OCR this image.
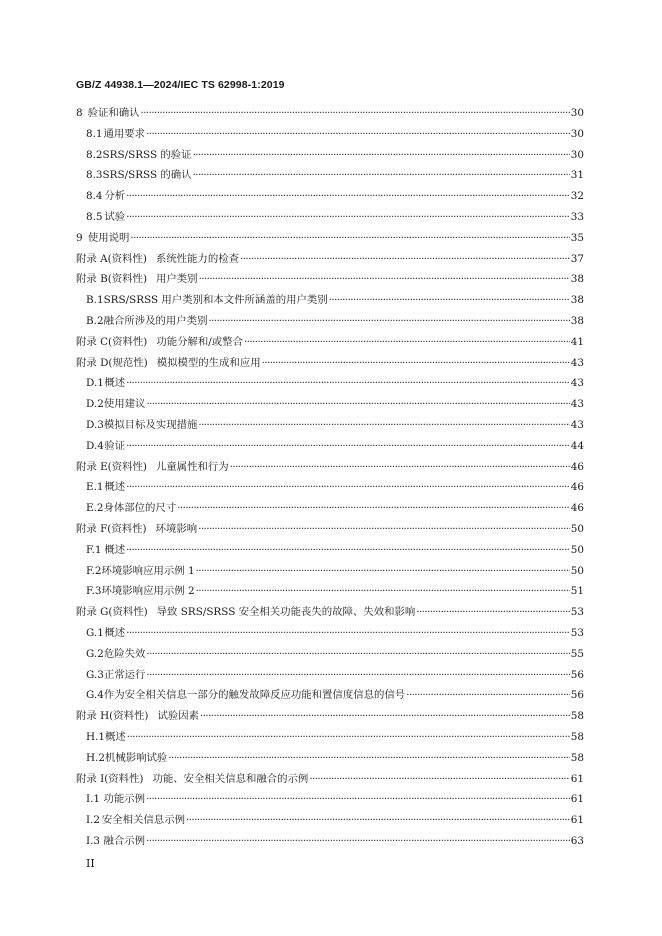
GB/Z 44938.1—2024/IEC TS 62998-1:2019
8 验证和确认 ·····	30
8.1 通用要求 ·····	30
8.2 SRS/SRSS 的验证 ·····	30
8.3 SRS/SRSS 的确认 ·····	31
8.4 分析 ·····	32
8.5 试验 ·····	33
9 使用说明 ·····	35
附录 A(资料性) 系统性能力的检查 ·····	37
附录 B(资料性) 用户类别 ·····	38
B.1 SRS/SRSS 用户类别和本文件所涵盖的用户类别 ·····	38
B.2 融合所涉及的用户类别 ·····	38
附录 C(资料性) 功能分解和/或整合 ·····	41
附录 D(规范性) 模拟模型的生成和应用 ·····	43
D.1 概述 ·····	43
D.2 使用建议 ·····	43
D.3 模拟目标及实现措施 ·····	43
D.4 验证 ·····	44
附录 E(资料性) 儿童属性和行为 ·····	46
E.1 概述 ·····	46
E.2 身体部位的尺寸 ·····	46
附录 F(资料性) 环境影响 ·····	50
F.1 概述 ·····	50
F.2 环境影响应用示例 1 ·····	50
F.3 环境影响应用示例 2 ·····	51
附录 G(资料性) 导致 SRS/SRSS 安全相关功能丧失的故障、失效和影响 ·····	53
G.1 概述 ·····	53
G.2 危险失效 ·····	55
G.3 正常运行 ·····	56
G.4 作为安全相关信息一部分的触发故障反应功能和置信度信息的信号 ·····	56
附录 H(资料性) 试验因素 ·····	58
H.1 概述 ·····	58
H.2 机械影响试验 ·····	58
附录 I(资料性) 功能、安全相关信息和融合的示例 ·····	61
I.1 功能示例 ·····	61
I.2 安全相关信息示例 ·····	61
I.3 融合示例 ·····	63
II
